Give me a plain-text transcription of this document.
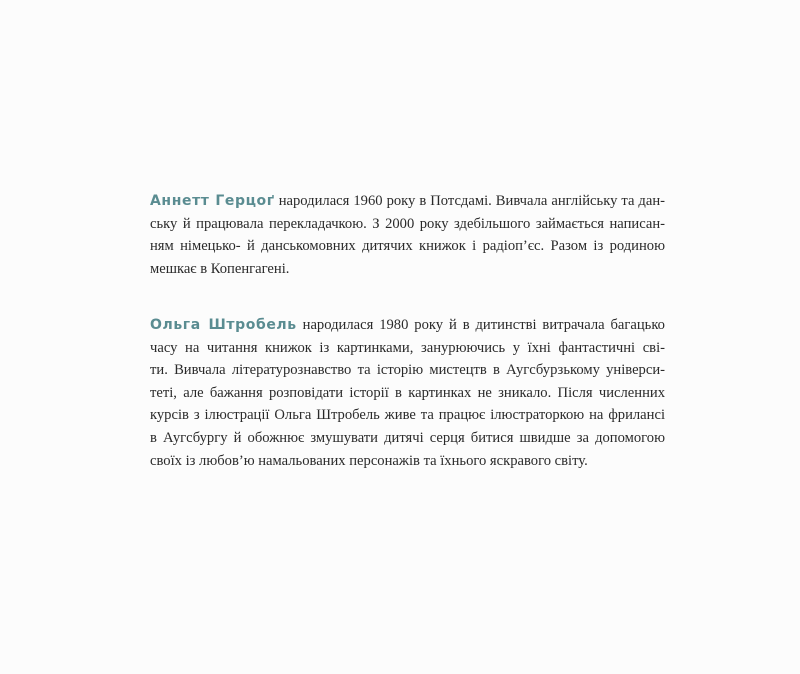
Аннетт Герцоґ народилася 1960 року в Потсдамі. Вивчала англійську та дан-
ську й працювала перекладачкою. З 2000 року здебільшого займається написан-
ням німецько- й данськомовних дитячих книжок і радіоп’єс. Разом із родиною
мешкає в Копенгагені.
Ольга Штробель народилася 1980 року й в дитинстві витрачала багацько
часу на читання книжок із картинками, занурюючись у їхні фантастичні сві-
ти. Вивчала літературознавство та історію мистецтв в Аугсбурзькому універси-
теті, але бажання розповідати історії в картинках не зникало. Після численних
курсів з ілюстрації Ольга Штробель живе та працює ілюстраторкою на фрилансі
в Аугсбургу й обожнює змушувати дитячі серця битися швидше за допомогою
своїх із любов’ю намальованих персонажів та їхнього яскравого світу.
